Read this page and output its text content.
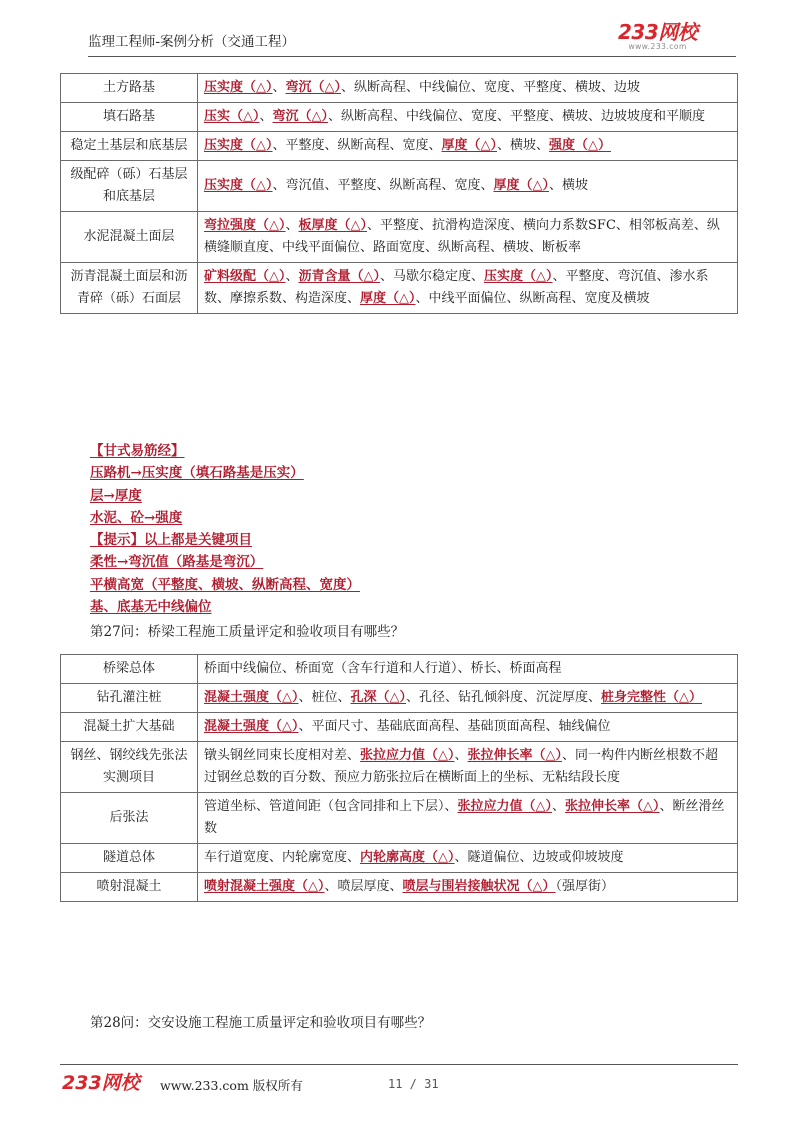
监理工程师-案例分析（交通工程）	233网校
www.233.com
土方路基	压实度（△）、弯沉（△）、纵断高程、中线偏位、宽度、平整度、横坡、边坡
填石路基	压实（△）、弯沉（△）、纵断高程、中线偏位、宽度、平整度、横坡、边坡坡度和平顺度
稳定土基层和底基层	压实度（△）、平整度、纵断高程、宽度、厚度（△）、横坡、强度（△）
级配碎（砾）石基层和底基层	压实度（△）、弯沉值、平整度、纵断高程、宽度、厚度（△）、横坡
水泥混凝土面层	弯拉强度（△）、板厚度（△）、平整度、抗滑构造深度、横向力系数SFC、相邻板高差、纵横缝顺直度、中线平面偏位、路面宽度、纵断高程、横坡、断板率
沥青混凝土面层和沥青碎（砾）石面层	矿料级配（△）、沥青含量（△）、马歇尔稳定度、压实度（△）、平整度、弯沉值、渗水系数、摩擦系数、构造深度、厚度（△）、中线平面偏位、纵断高程、宽度及横坡
【甘式易筋经】
压路机→压实度（填石路基是压实）
层→厚度
水泥、砼→强度
【提示】以上都是关键项目
柔性→弯沉值（路基是弯沉）
平横高宽（平整度、横坡、纵断高程、宽度）
基、底基无中线偏位
第27问：桥梁工程施工质量评定和验收项目有哪些？
桥梁总体	桥面中线偏位、桥面宽（含车行道和人行道）、桥长、桥面高程
钻孔灌注桩	混凝土强度（△）、桩位、孔深（△）、孔径、钻孔倾斜度、沉淀厚度、桩身完整性（△）
混凝土扩大基础	混凝土强度（△）、平面尺寸、基础底面高程、基础顶面高程、轴线偏位
钢丝、钢绞线先张法实测项目	镦头钢丝同束长度相对差、张拉应力值（△）、张拉伸长率（△）、同一构件内断丝根数不超过钢丝总数的百分数、预应力筋张拉后在横断面上的坐标、无粘结段长度
后张法	管道坐标、管道间距（包含同排和上下层）、张拉应力值（△）、张拉伸长率（△）、断丝滑丝数
隧道总体	车行道宽度、内轮廓宽度、内轮廓高度（△）、隧道偏位、边坡或仰坡坡度
喷射混凝土	喷射混凝土强度（△）、喷层厚度、喷层与围岩接触状况（△）（强厚街）
第28问：交安设施工程施工质量评定和验收项目有哪些？
233网校 www.233.com 版权所有	11 / 31
